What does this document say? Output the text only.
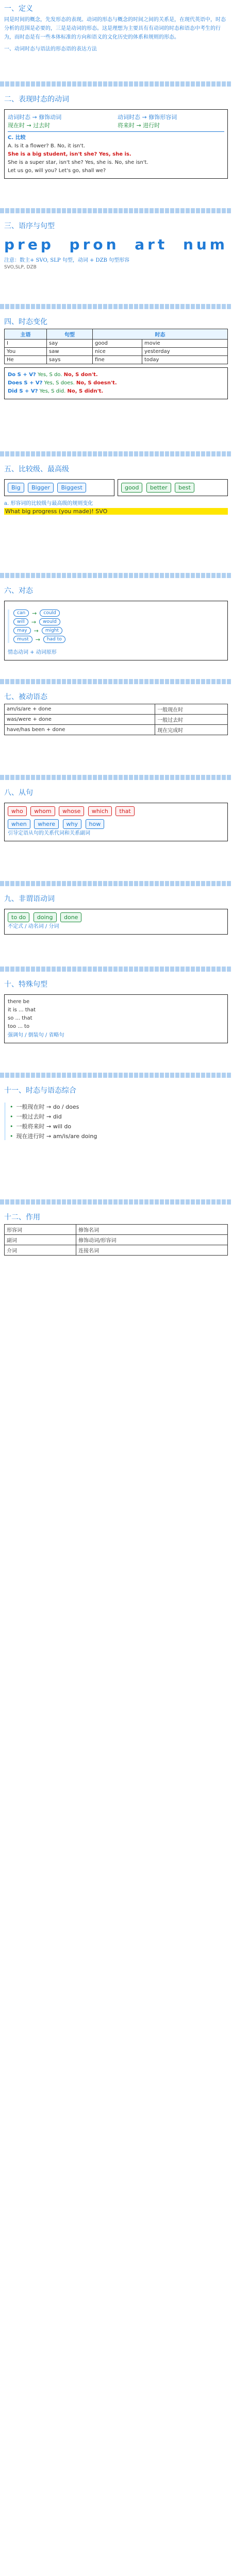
一、定义
同是时间的概念，先发形态的表现。动词的形态与概念的时间之间的关系是，在现代英语中，时态分析的范围是必要的，三是是动词的形态。这是理想为主要具有有动词的时态和语态中考生的行为，而时态是有一些本体标准的方向和语义的文化历史的体系和规则的形态。
一、动词时态与语法的形态语的表达方法
二、表现时态的动词
动词时态 → 修饰动词
现在时 → 过去时
动词时态 → 修饰形容词
将来时 → 进行时
C. 比较
A. Is it a flower? B. No, it isn't.
She is a big student, isn't she? Yes, she is.
She is a super star, isn't she? Yes, she is. No, she isn't.
Let us go, will you? Let's go, shall we?
三、语序与句型
prep pron art num
注意：数主+ SVO, SLP 句型，动词 + DZB 句型形容
SVO,SLP, DZB
四、时态变化
主语	句型	时态	
I	say	good	movie
You	saw	nice	yesterday
He	says	fine	today
Do S + V? Yes, S do. No, S don't.
Does S + V? Yes, S does. No, S doesn't.
Did S + V? Yes, S did. No, S didn't.
五、比较级、最高级
Big Bigger Biggest	good better best
a. 形容词的比较级与最高级的规则变化
What big progress (you made)! SVO
六、对态
can	→	could
will	→	would
may	→	might
must	→	had to
情态动词 + 动词原形
七、被动语态
am/is/are + done	一般现在时
was/were + done	一般过去时
have/has been + done	现在完成时
八、从句
who whom whose which that
when where why how
引导定语从句的关系代词和关系副词
九、非谓语动词
to do doing done
不定式 / 动名词 / 分词
十、特殊句型
there be
it is ... that
so ... that
too ... to
强调句 / 倒装句 / 省略句
十一、时态与语态综合
• 一般现在时 → do / does
• 一般过去时 → did
• 一般将来时 → will do
• 现在进行时 → am/is/are doing
十二、作用
形容词	修饰名词
副词	修饰动词/形容词
介词	连接名词
